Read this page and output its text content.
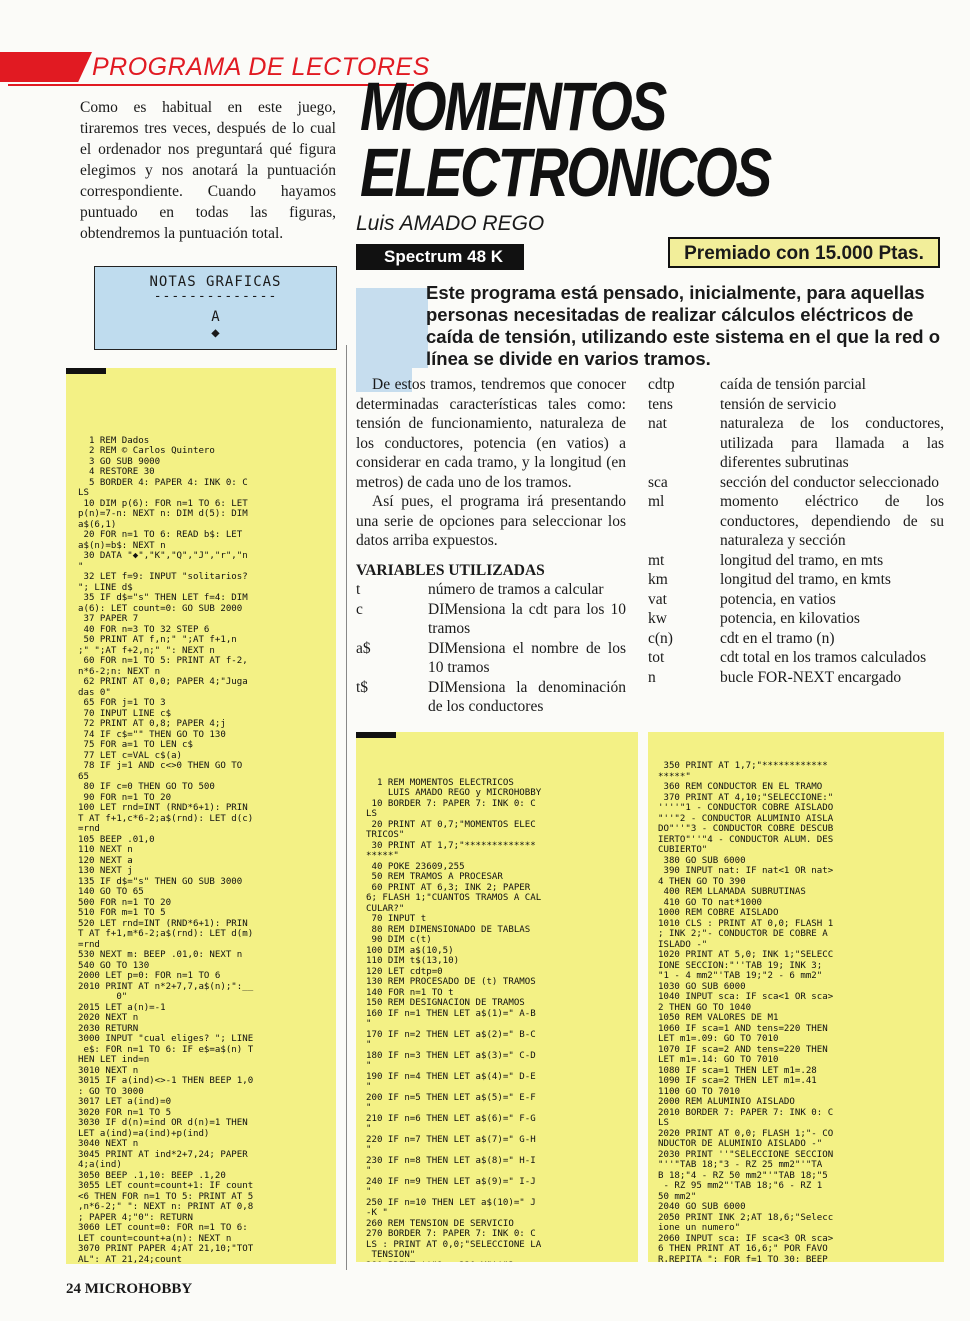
PROGRAMA DE LECTORES
Como es habitual en este juego, tiraremos tres veces, después de lo cual el ordenador nos preguntará qué figura elegimos y nos anotará la puntuación correspondiente. Cuando hayamos puntuado en todas las figuras, obtendremos la puntuación total.
MOMENTOS
ELECTRONICOS
Luis AMADO REGO
Spectrum 48 K	Premiado con 15.000 Ptas.
Este programa está pensado, inicialmente, para aquellas personas necesitadas de realizar cálculos eléctricos de caída de tensión, utilizando este sistema en el que la red o línea se divide en varios tramos.
NOTAS GRAFICAS
--------------
A
◆

1 REM Dados
2 REM © Carlos Quintero
3 GO SUB 9000
4 RESTORE 30
5 BORDER 4: PAPER 4: INK 0: C
LS
10 DIM p(6): FOR n=1 TO 6: LET
p(n)=7-n: NEXT n: DIM d(5): DIM
a$(6,1)
20 FOR n=1 TO 6: READ b$: LET
a$(n)=b$: NEXT n
30 DATA "◆","K","Q","J","r","n
"
32 LET f=9: INPUT "solitarios?
"; LINE d$
35 IF d$="s" THEN LET f=4: DIM
a(6): LET count=0: GO SUB 2000
37 PAPER 7
40 FOR n=3 TO 32 STEP 6
50 PRINT AT f,n;" ";AT f+1,n
;" ";AT f+2,n;" ": NEXT n
60 FOR n=1 TO 5: PRINT AT f-2,
n*6-2;n: NEXT n
62 PRINT AT 0,0; PAPER 4;"Juga
das 0"
65 FOR j=1 TO 3
70 INPUT LINE c$
72 PRINT AT 0,8; PAPER 4;j
74 IF c$="" THEN GO TO 130
75 FOR a=1 TO LEN c$
77 LET c=VAL c$(a)
78 IF j=1 AND c<>0 THEN GO TO
65
80 IF c=0 THEN GO TO 500
90 FOR n=1 TO 20
100 LET rnd=INT (RND*6+1): PRIN
T AT f+1,c*6-2;a$(rnd): LET d(c)
=rnd
105 BEEP .01,0
110 NEXT n
120 NEXT a
130 NEXT j
135 IF d$="s" THEN GO SUB 3000
140 GO TO 65
500 FOR n=1 TO 20
510 FOR m=1 TO 5
520 LET rnd=INT (RND*6+1): PRIN
T AT f+1,m*6-2;a$(rnd): LET d(m)
=rnd
530 NEXT m: BEEP .01,0: NEXT n
540 GO TO 130
2000 LET p=0: FOR n=1 TO 6
2010 PRINT AT n*2+7,7,a$(n);":__
0"
2015 LET a(n)=-1
2020 NEXT n
2030 RETURN
3000 INPUT "cual eliges? "; LINE
e$: FOR n=1 TO 6: IF e$=a$(n) T
HEN LET ind=n
3010 NEXT n
3015 IF a(ind)<>-1 THEN BEEP 1,0
: GO TO 3000
3017 LET a(ind)=0
3020 FOR n=1 TO 5
3030 IF d(n)=ind OR d(n)=1 THEN
LET a(ind)=a(ind)+p(ind)
3040 NEXT n
3045 PRINT AT ind*2+7,24; PAPER
4;a(ind)
3050 BEEP .1,10: BEEP .1,20
3055 LET count=count+1: IF count
<6 THEN FOR n=1 TO 5: PRINT AT 5
,n*6-2;" ": NEXT n: PRINT AT 0,8
; PAPER 4;"0": RETURN
3060 LET count=0: FOR n=1 TO 6:
LET count=count+a(n): NEXT n
3070 PRINT PAPER 4;AT 21,10;"TOT
AL": AT 21,24;count

De estos tramos, tendremos que conocer determinadas características tales como: tensión de funcionamiento, naturaleza de los conductores, potencia (en vatios) a considerar en cada tramo, y la longitud (en metros) de cada uno de los tramos.

Así pues, el programa irá presentando una serie de opciones para seleccionar los datos arriba expuestos.

VARIABLES UTILIZADAS
t	número de tramos a calcular
c	DIMensiona la cdt para los 10 tramos
a$	DIMensiona el nombre de los 10 tramos
t$	DIMensiona la denominación de los conductores
cdtp	caída de tensión parcial
tens	tensión de servicio
nat	naturaleza de los conductores, utilizada para llamada a las diferentes subrutinas
sca	sección del conductor seleccionado
ml	momento eléctrico de los conductores, dependiendo de su naturaleza y sección
mt	longitud del tramo, en mts
km	longitud del tramo, en kmts
vat	potencia, en vatios
kw	potencia, en kilovatios
c(n)	cdt en el tramo (n)
tot	cdt total en los tramos calculados
n	bucle FOR-NEXT encargado

1 REM MOMENTOS ELECTRICOS
LUIS AMADO REGO y MICROHOBBY
10 BORDER 7: PAPER 7: INK 0: C
LS
20 PRINT AT 0,7;"MOMENTOS ELEC
TRICOS"
30 PRINT AT 1,7;"*************
*****"
40 POKE 23609,255
50 REM TRAMOS A PROCESAR
60 PRINT AT 6,3; INK 2; PAPER
6; FLASH 1;"CUANTOS TRAMOS A CAL
CULAR?"
70 INPUT t
80 REM DIMENSIONADO DE TABLAS
90 DIM c(t)
100 DIM a$(10,5)
110 DIM t$(13,10)
120 LET cdtp=0
130 REM PROCESADO DE (t) TRAMOS
140 FOR n=1 TO t
150 REM DESIGNACION DE TRAMOS
160 IF n=1 THEN LET a$(1)=" A-B
"
170 IF n=2 THEN LET a$(2)=" B-C
"
180 IF n=3 THEN LET a$(3)=" C-D
"
190 IF n=4 THEN LET a$(4)=" D-E
"
200 IF n=5 THEN LET a$(5)=" E-F
"
210 IF n=6 THEN LET a$(6)=" F-G
"
220 IF n=7 THEN LET a$(7)=" G-H
"
230 IF n=8 THEN LET a$(8)=" H-I
"
240 IF n=9 THEN LET a$(9)=" I-J
"
250 IF n=10 THEN LET a$(10)=" J
-K "
260 REM TENSION DE SERVICIO
270 BORDER 7: PAPER 7: INK 0: C
LS : PRINT AT 0,0;"SELECCIONE LA
TENSION"

350 PRINT AT 1,7;"************
*****"
360 REM CONDUCTOR EN EL TRAMO
370 PRINT AT 4,10;"SELECCIONE:"
''''"1 - CONDUCTOR COBRE AISLADO
"''"2 - CONDUCTOR ALUMINIO AISLA
DO"''"3 - CONDUCTOR COBRE DESCUB
IERTO"''"4 - CONDUCTOR ALUM. DES
CUBIERTO"
380 GO SUB 6000
390 INPUT nat: IF nat<1 OR nat>
4 THEN GO TO 390
400 REM LLAMADA SUBRUTINAS
410 GO TO nat*1000
1000 REM COBRE AISLADO
1010 CLS : PRINT AT 0,0; FLASH 1
; INK 2;"- CONDUCTOR DE COBRE A
ISLADO -"
1020 PRINT AT 5,0; INK 1;"SELECC
IONE SECCION:"''TAB 19; INK 3;
"1 - 4 mm2"'TAB 19;"2 - 6 mm2"
1030 GO SUB 6000
1040 INPUT sca: IF sca<1 OR sca>
2 THEN GO TO 1040
1050 REM VALORES DE M1
1060 IF sca=1 AND tens=220 THEN
LET m1=.09: GO TO 7010
1070 IF sca=2 AND tens=220 THEN
LET m1=.14: GO TO 7010
1080 IF sca=1 THEN LET m1=.28
1090 IF sca=2 THEN LET m1=.41
1100 GO TO 7010
2000 REM ALUMINIO AISLADO
2010 BORDER 7: PAPER 7: INK 0: C
LS
2020 PRINT AT 0,0; FLASH 1;"- CO
NDUCTOR DE ALUMINIO AISLADO -"
2030 PRINT ''"SELECCIONE SECCION
"''"TAB 18;"3 - RZ 25 mm2"'"TA
B 18;"4 - RZ 50 mm2"'"TAB 18;"5
- RZ 95 mm2"'TAB 18;"6 - RZ 1
50 mm2"
2040 GO SUB 6000
2050 PRINT INK 2;AT 18,6;"Selecc
ione un numero"
2060 INPUT sca: IF sca<3 OR sca>
6 THEN PRINT AT 16,6;" POR FAVO
R,REPITA ": FOR f=1 TO 30: BEEP

24 MICROHOBBY
